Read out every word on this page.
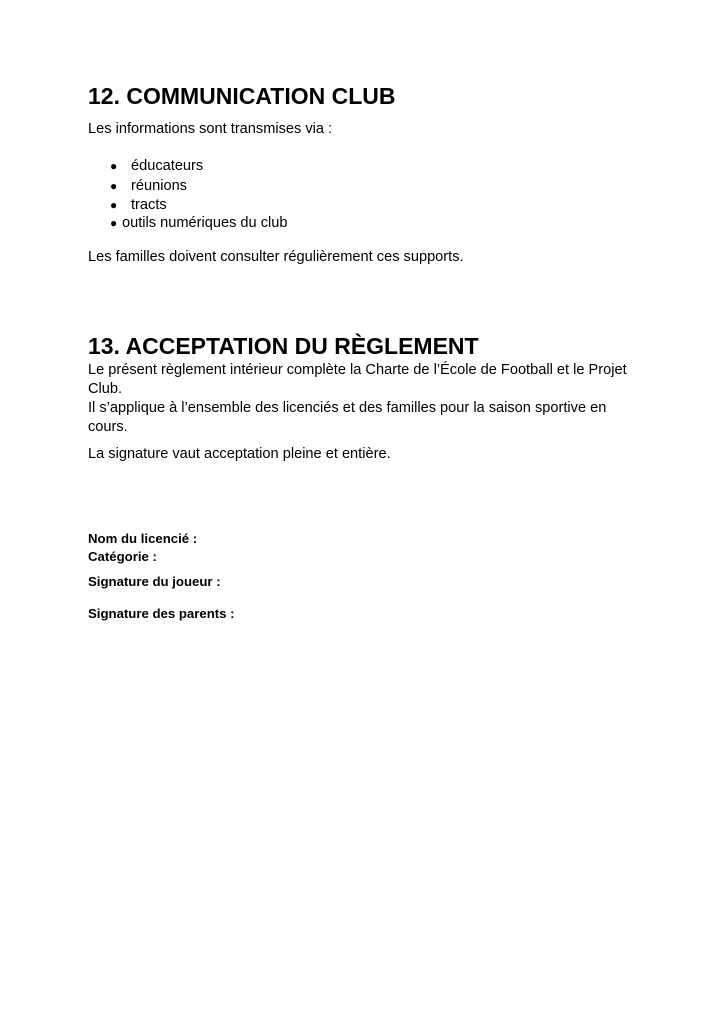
12. COMMUNICATION CLUB
Les informations sont transmises via :
● éducateurs
● réunions
● tracts
● outils numériques du club
Les familles doivent consulter régulièrement ces supports.
13. ACCEPTATION DU RÈGLEMENT
Le présent règlement intérieur complète la Charte de l’École de Football et le Projet
Club.
Il s’applique à l’ensemble des licenciés et des familles pour la saison sportive en
cours.
La signature vaut acceptation pleine et entière.
Nom du licencié :
Catégorie :
Signature du joueur :
Signature des parents :
